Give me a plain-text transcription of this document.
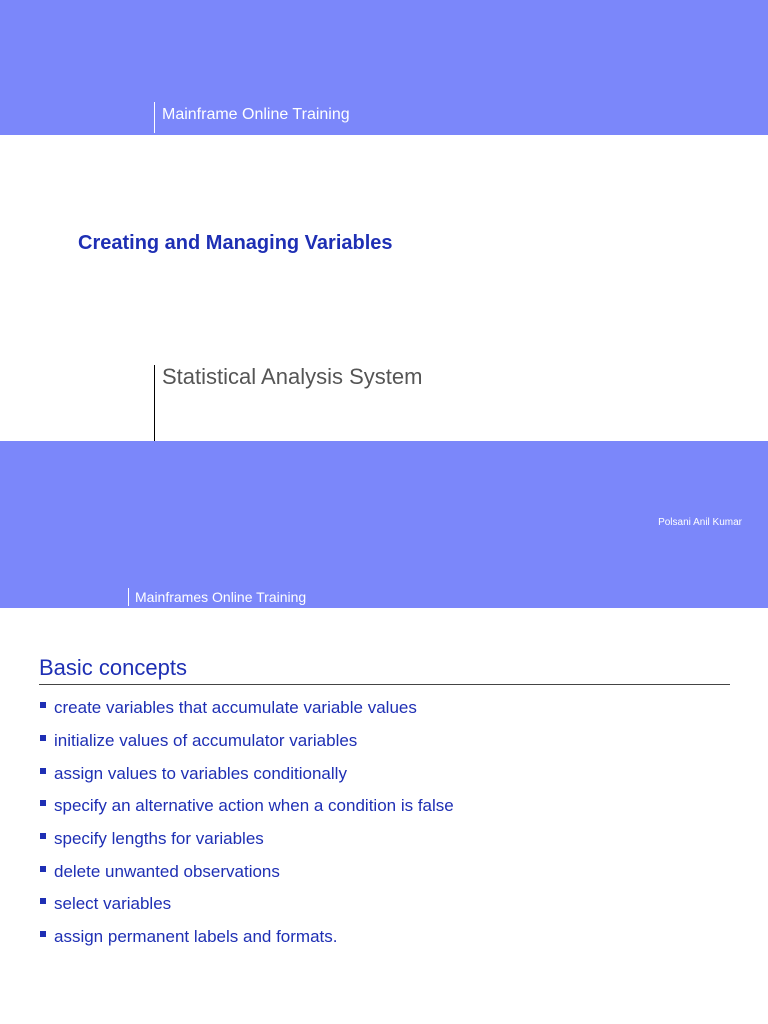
Mainframe Online Training
Creating and Managing Variables
Statistical Analysis System
Polsani Anil Kumar
Mainframes Online Training
Basic concepts
create variables that accumulate variable values
initialize values of accumulator variables
assign values to variables conditionally
specify an alternative action when a condition is false
specify lengths for variables
delete unwanted observations
select variables
assign permanent labels and formats.
